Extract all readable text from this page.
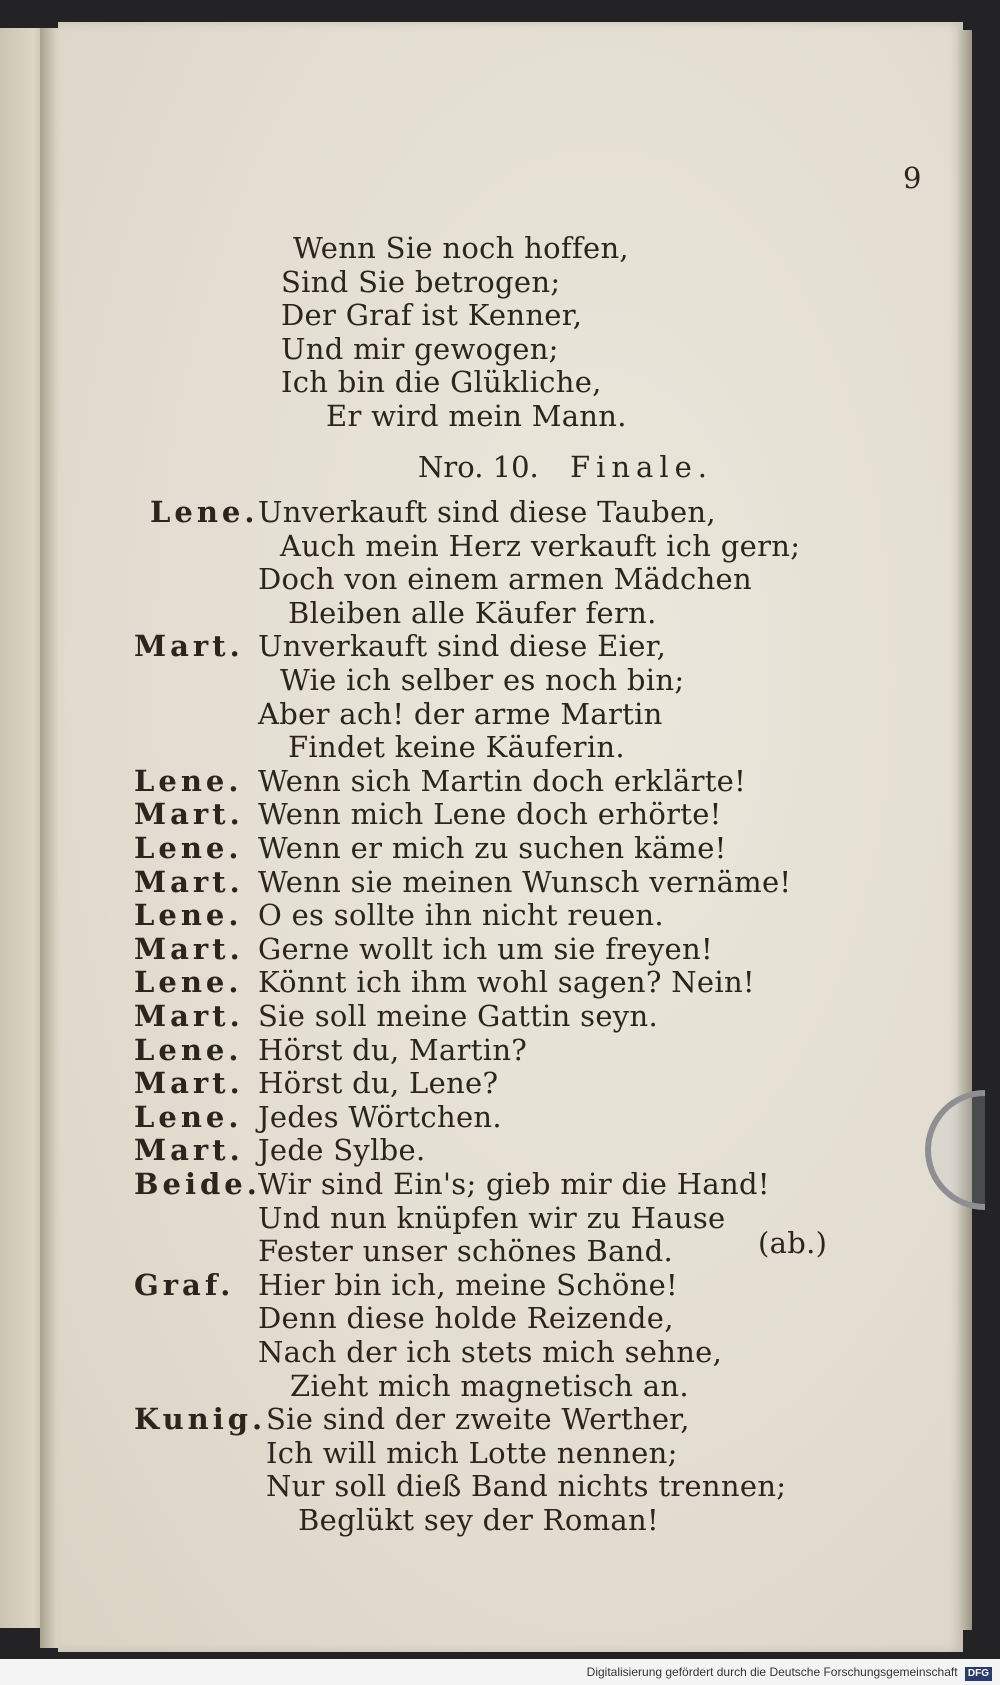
9
Wenn Sie noch hoffen,
Sind Sie betrogen;
Der Graf ist Kenner,
Und mir gewogen;
Ich bin die Glükliche,
Er wird mein Mann.
Nro. 10. Finale.
Lene. Unverkauft sind diese Tauben,
Auch mein Herz verkauft ich gern;
Doch von einem armen Mädchen
Bleiben alle Käufer fern.
Mart. Unverkauft sind diese Eier,
Wie ich selber es noch bin;
Aber ach! der arme Martin
Findet keine Käuferin.
Lene. Wenn sich Martin doch erklärte!
Mart. Wenn mich Lene doch erhörte!
Lene. Wenn er mich zu suchen käme!
Mart. Wenn sie meinen Wunsch vernäme!
Lene. O es sollte ihn nicht reuen.
Mart. Gerne wollt ich um sie freyen!
Lene. Könnt ich ihm wohl sagen? Nein!
Mart. Sie soll meine Gattin seyn.
Lene. Hörst du, Martin?
Mart. Hörst du, Lene?
Lene. Jedes Wörtchen.
Mart. Jede Sylbe.
Beide.
Wir sind Ein's; gieb mir die Hand!
Und nun knüpfen wir zu Hause
Fester unser schönes Band.
Graf. Hier bin ich, meine Schöne!
Denn diese holde Reizende,
Nach der ich stets mich sehne,
Zieht mich magnetisch an.
Kunig. Sie sind der zweite Werther,
Ich will mich Lotte nennen;
Nur soll dieß Band nichts trennen;
Beglükt sey der Roman!
(ab.)
Digitalisierung gefördert durch die Deutsche Forschungsgemeinschaft DFG
